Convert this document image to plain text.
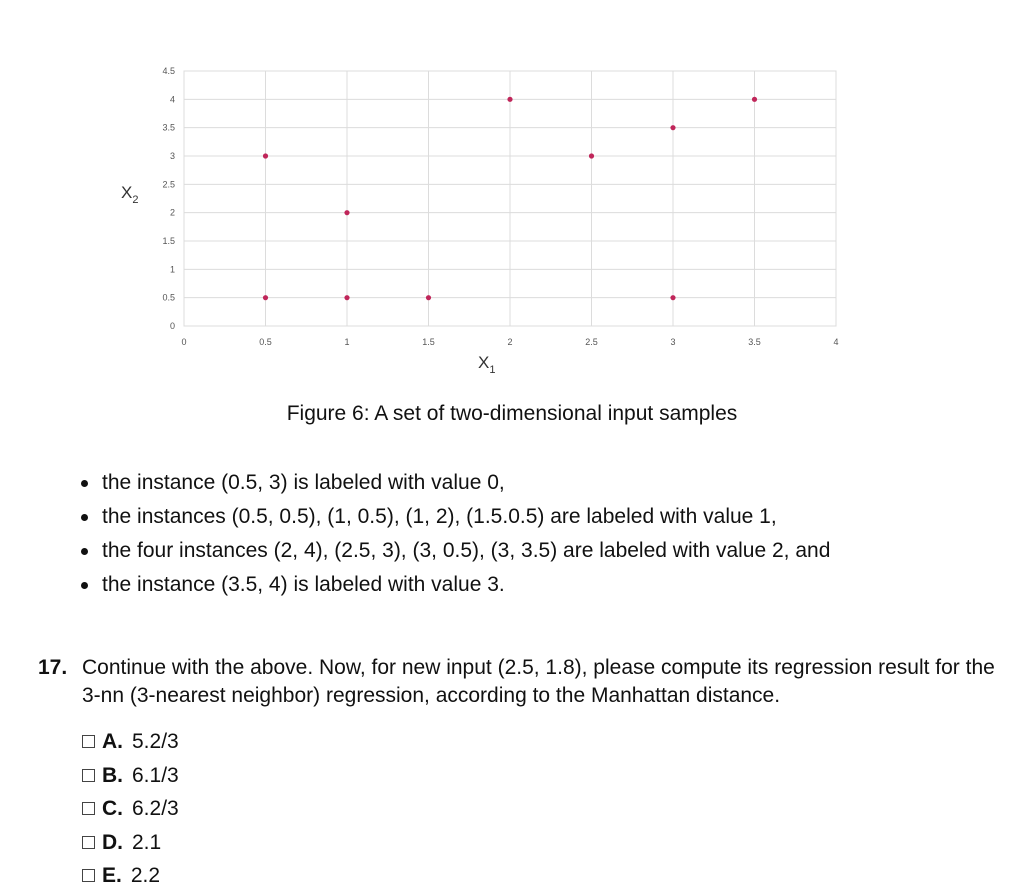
0	0.5	1	1.5	2	2.5	3	3.5	4
0
0.5
1
1.5
2
2.5
3
3.5
4
4.5
$X_2$
$X_1$
Figure 6: A set of two-dimensional input samples
the instance (0.5, 3) is labeled with value 0,
the instances (0.5, 0.5), (1, 0.5), (1, 2), (1.5.0.5) are labeled with value 1,
the four instances (2, 4), (2.5, 3), (3, 0.5), (3, 3.5) are labeled with value 2, and
the instance (3.5, 4) is labeled with value 3.
17. Continue with the above. Now, for new input (2.5, 1.8), please compute its regression result for the 3-nn (3-nearest neighbor) regression, according to the Manhattan distance.
A. 5.2/3
B. 6.1/3
C. 6.2/3
D. 2.1
E. 2.2
